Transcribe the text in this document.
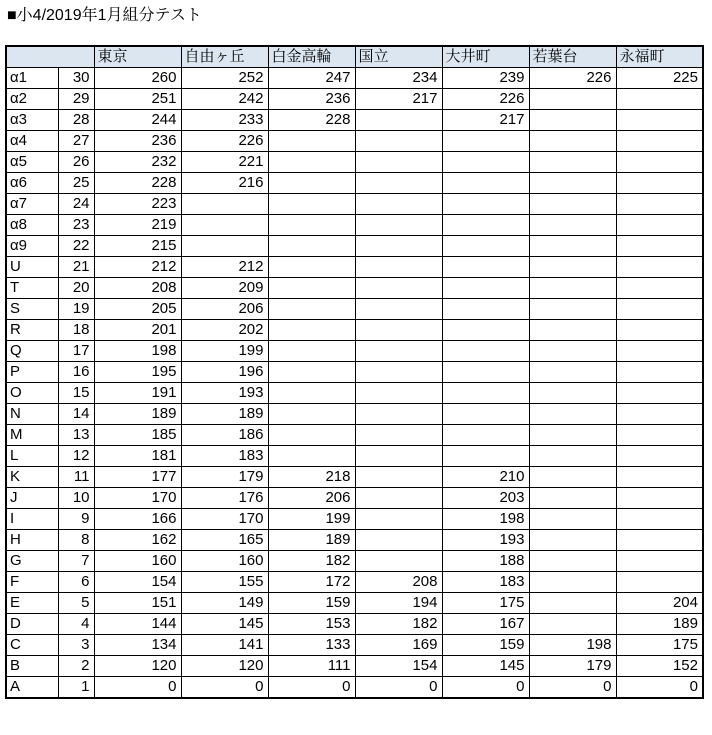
■小4/2019年1月組分テスト
		東京	自由ヶ丘	白金高輪	国立	大井町	若葉台	永福町
α1	30	260	252	247	234	239	226	225
α2	29	251	242	236	217	226		
α3	28	244	233	228		217		
α4	27	236	226					
α5	26	232	221					
α6	25	228	216					
α7	24	223						
α8	23	219						
α9	22	215						
U	21	212	212					
T	20	208	209					
S	19	205	206					
R	18	201	202					
Q	17	198	199					
P	16	195	196					
O	15	191	193					
N	14	189	189					
M	13	185	186					
L	12	181	183					
K	11	177	179	218		210		
J	10	170	176	206		203		
I	9	166	170	199		198		
H	8	162	165	189		193		
G	7	160	160	182		188		
F	6	154	155	172	208	183		
E	5	151	149	159	194	175		204
D	4	144	145	153	182	167		189
C	3	134	141	133	169	159	198	175
B	2	120	120	111	154	145	179	152
A	1	0	0	0	0	0	0	0
